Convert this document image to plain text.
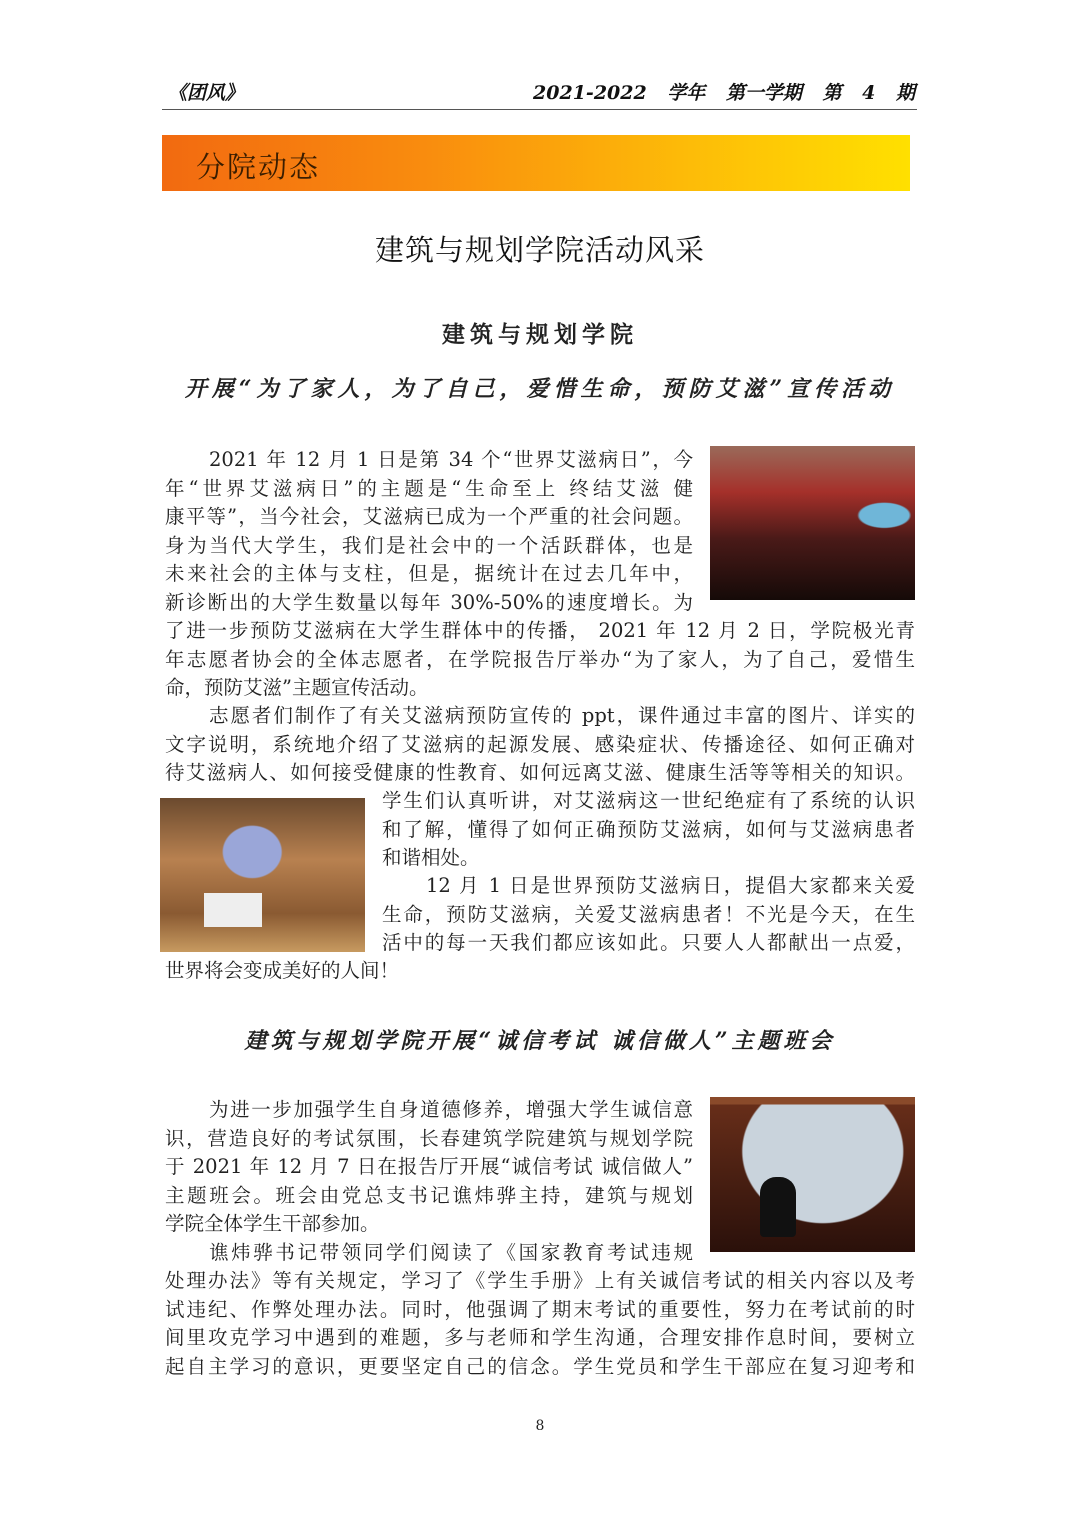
《团风》	2021-2022 学年 第一学期 第 4 期
分院动态
建筑与规划学院活动风采
建筑与规划学院
开展“为了家人，为了自己，爱惜生命，预防艾滋”宣传活动
2021 年 12 月 1 日是第 34 个“世界艾滋病日”，今
年“世界艾滋病日”的主题是“生命至上 终结艾滋 健
康平等”，当今社会，艾滋病已成为一个严重的社会问题。
身为当代大学生，我们是社会中的一个活跃群体，也是
未来社会的主体与支柱，但是，据统计在过去几年中，
新诊断出的大学生数量以每年 30%-50%的速度增长。为
了进一步预防艾滋病在大学生群体中的传播， 2021 年 12 月 2 日，学院极光青
年志愿者协会的全体志愿者，在学院报告厅举办“为了家人，为了自己，爱惜生
命，预防艾滋”主题宣传活动。
志愿者们制作了有关艾滋病预防宣传的 ppt，课件通过丰富的图片、详实的
文字说明，系统地介绍了艾滋病的起源发展、感染症状、传播途径、如何正确对
待艾滋病人、如何接受健康的性教育、如何远离艾滋、健康生活等等相关的知识。
学生们认真听讲，对艾滋病这一世纪绝症有了系统的认识
和了解，懂得了如何正确预防艾滋病，如何与艾滋病患者
和谐相处。
12 月 1 日是世界预防艾滋病日，提倡大家都来关爱
生命，预防艾滋病，关爱艾滋病患者！不光是今天，在生
活中的每一天我们都应该如此。只要人人都献出一点爱，
世界将会变成美好的人间！
建筑与规划学院开展“诚信考试 诚信做人”主题班会
为进一步加强学生自身道德修养，增强大学生诚信意
识，营造良好的考试氛围，长春建筑学院建筑与规划学院
于 2021 年 12 月 7 日在报告厅开展“诚信考试 诚信做人”
主题班会。班会由党总支书记谯炜骅主持，建筑与规划
学院全体学生干部参加。
谯炜骅书记带领同学们阅读了《国家教育考试违规
处理办法》等有关规定，学习了《学生手册》上有关诚信考试的相关内容以及考
试违纪、作弊处理办法。同时，他强调了期末考试的重要性，努力在考试前的时
间里攻克学习中遇到的难题，多与老师和学生沟通，合理安排作息时间，要树立
起自主学习的意识，更要坚定自己的信念。学生党员和学生干部应在复习迎考和
8
